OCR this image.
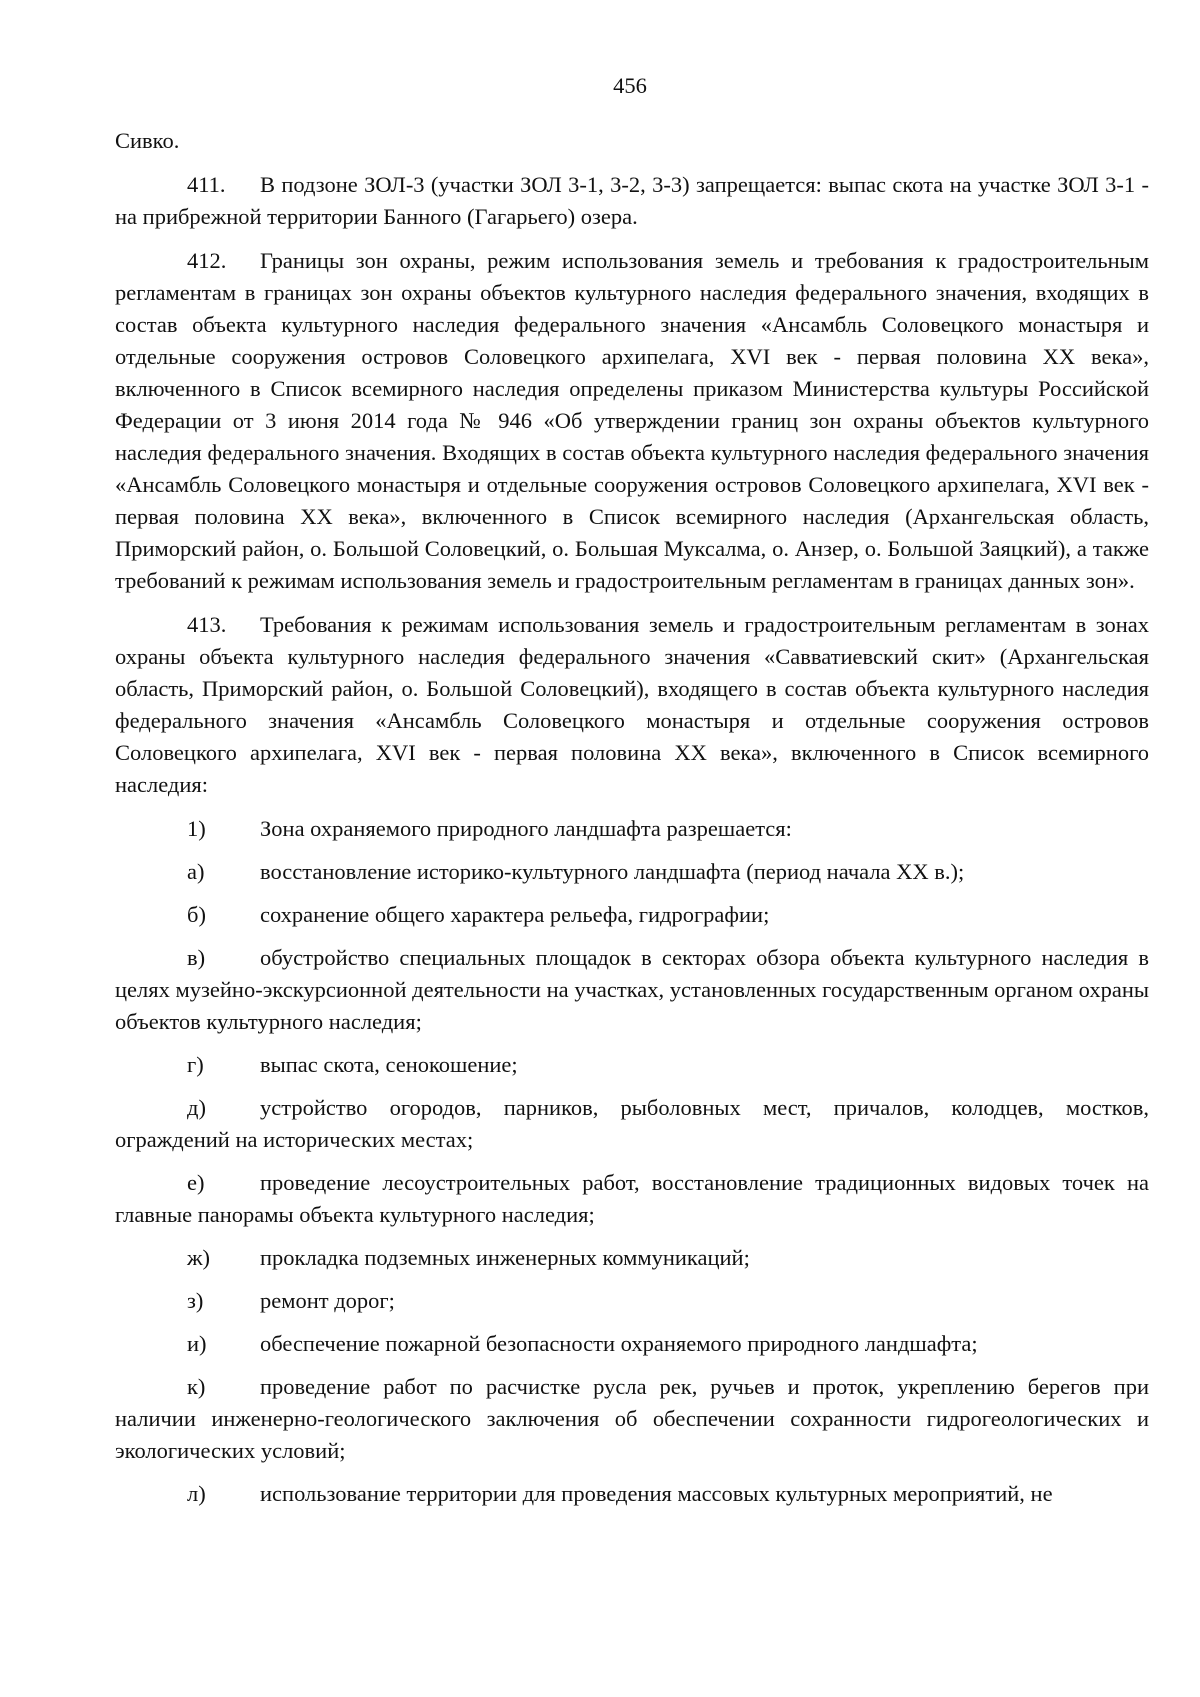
456

Сивко.

411. В подзоне ЗОЛ-3 (участки ЗОЛ 3-1, 3-2, 3-3) запрещается: выпас скота на участке ЗОЛ 3-1 - на прибрежной территории Банного (Гагарьего) озера.

412. Границы зон охраны, режим использования земель и требования к градостроительным регламентам в границах зон охраны объектов культурного наследия федерального значения, входящих в состав объекта культурного наследия федерального значения «Ансамбль Соловецкого монастыря и отдельные сооружения островов Соловецкого архипелага, XVI век - первая половина XX века», включенного в Список всемирного наследия определены приказом Министерства культуры Российской Федерации от 3 июня 2014 года № 946 «Об утверждении границ зон охраны объектов культурного наследия федерального значения. Входящих в состав объекта культурного наследия федерального значения «Ансамбль Соловецкого монастыря и отдельные сооружения островов Соловецкого архипелага, XVI век - первая половина XX века», включенного в Список всемирного наследия (Архангельская область, Приморский район, о. Большой Соловецкий, о. Большая Муксалма, о. Анзер, о. Большой Заяцкий), а также требований к режимам использования земель и градостроительным регламентам в границах данных зон».

413. Требования к режимам использования земель и градостроительным регламентам в зонах охраны объекта культурного наследия федерального значения «Савватиевский скит» (Архангельская область, Приморский район, о. Большой Соловецкий), входящего в состав объекта культурного наследия федерального значения «Ансамбль Соловецкого монастыря и отдельные сооружения островов Соловецкого архипелага, XVI век - первая половина XX века», включенного в Список всемирного наследия:

1) Зона охраняемого природного ландшафта разрешается:

а) восстановление историко-культурного ландшафта (период начала XX в.);

б) сохранение общего характера рельефа, гидрографии;

в) обустройство специальных площадок в секторах обзора объекта культурного наследия в целях музейно-экскурсионной деятельности на участках, установленных государственным органом охраны объектов культурного наследия;

г)	выпас скота, сенокошение;

д) устройство огородов, парников, рыболовных мест, причалов, колодцев, мостков, ограждений на исторических местах;

е) проведение лесоустроительных работ, восстановление традиционных видовых точек на главные панорамы объекта культурного наследия;

ж) прокладка подземных инженерных коммуникаций;

з)	ремонт дорог;

и) обеспечение пожарной безопасности охраняемого природного ландшафта;

к) проведение работ по расчистке русла рек, ручьев и проток, укреплению берегов при наличии инженерно-геологического заключения об обеспечении сохранности гидрогеологических и экологических условий;

л) использование территории для проведения массовых культурных мероприятий, не
